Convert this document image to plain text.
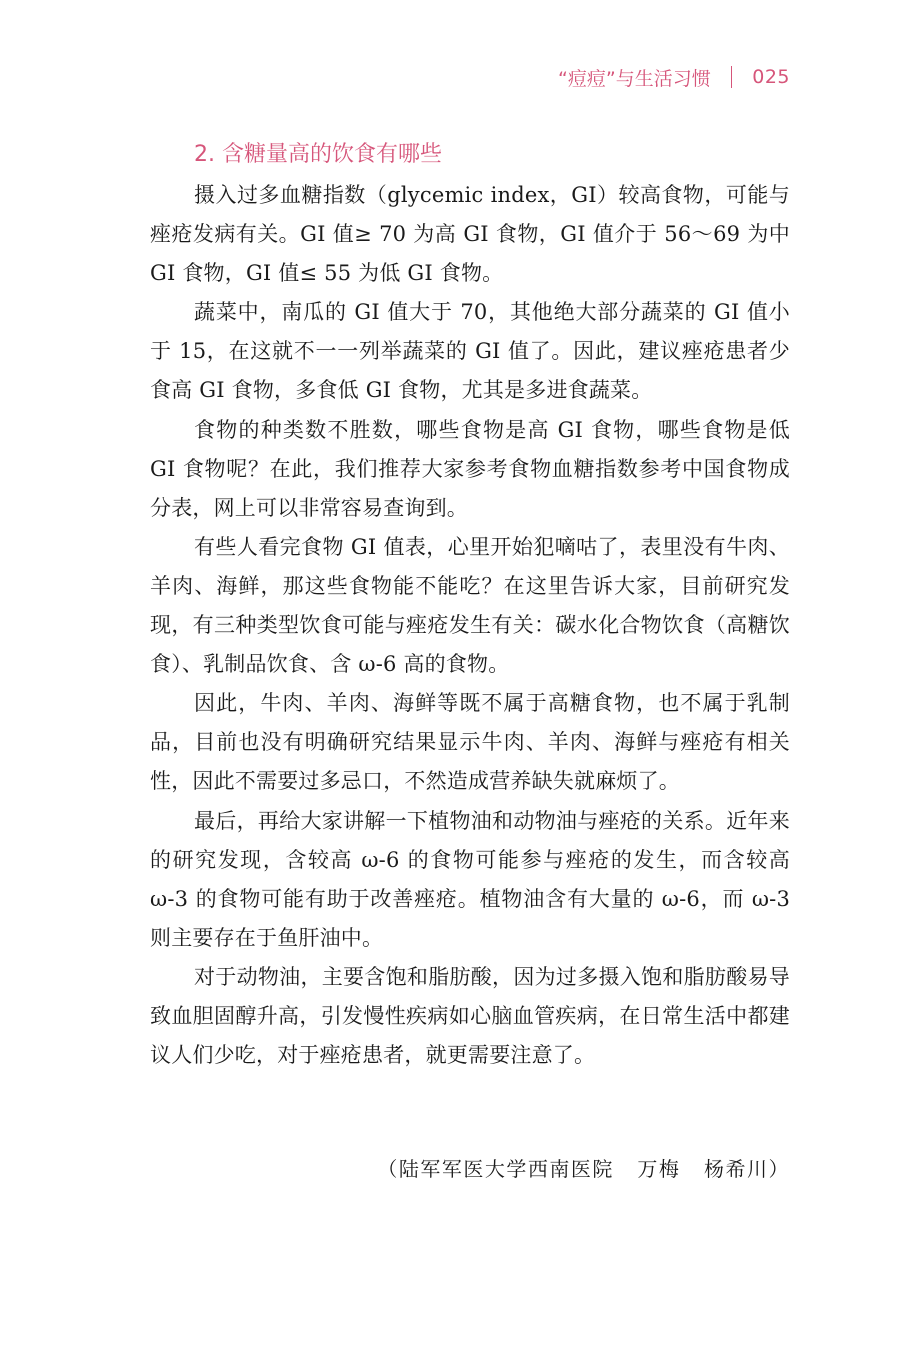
“痘痘”与生活习惯 025
2. 含糖量高的饮食有哪些

摄入过多血糖指数（glycemic index，GI）较高食物，可能与痤疮发病有关。GI 值≥ 70 为高 GI 食物，GI 值介于 56～69 为中 GI 食物，GI 值≤ 55 为低 GI 食物。

蔬菜中，南瓜的 GI 值大于 70，其他绝大部分蔬菜的 GI 值小于 15，在这就不一一列举蔬菜的 GI 值了。因此，建议痤疮患者少食高 GI 食物，多食低 GI 食物，尤其是多进食蔬菜。

食物的种类数不胜数，哪些食物是高 GI 食物，哪些食物是低 GI 食物呢？在此，我们推荐大家参考食物血糖指数参考中国食物成分表，网上可以非常容易查询到。

有些人看完食物 GI 值表，心里开始犯嘀咕了，表里没有牛肉、羊肉、海鲜，那这些食物能不能吃？在这里告诉大家，目前研究发现，有三种类型饮食可能与痤疮发生有关：碳水化合物饮食（高糖饮食）、乳制品饮食、含 ω-6 高的食物。

因此，牛肉、羊肉、海鲜等既不属于高糖食物，也不属于乳制品，目前也没有明确研究结果显示牛肉、羊肉、海鲜与痤疮有相关性，因此不需要过多忌口，不然造成营养缺失就麻烦了。

最后，再给大家讲解一下植物油和动物油与痤疮的关系。近年来的研究发现，含较高 ω-6 的食物可能参与痤疮的发生，而含较高 ω-3 的食物可能有助于改善痤疮。植物油含有大量的 ω-6，而 ω-3 则主要存在于鱼肝油中。

对于动物油，主要含饱和脂肪酸，因为过多摄入饱和脂肪酸易导致血胆固醇升高，引发慢性疾病如心脑血管疾病，在日常生活中都建议人们少吃，对于痤疮患者，就更需要注意了。

（陆军军医大学西南医院   万梅   杨希川）
